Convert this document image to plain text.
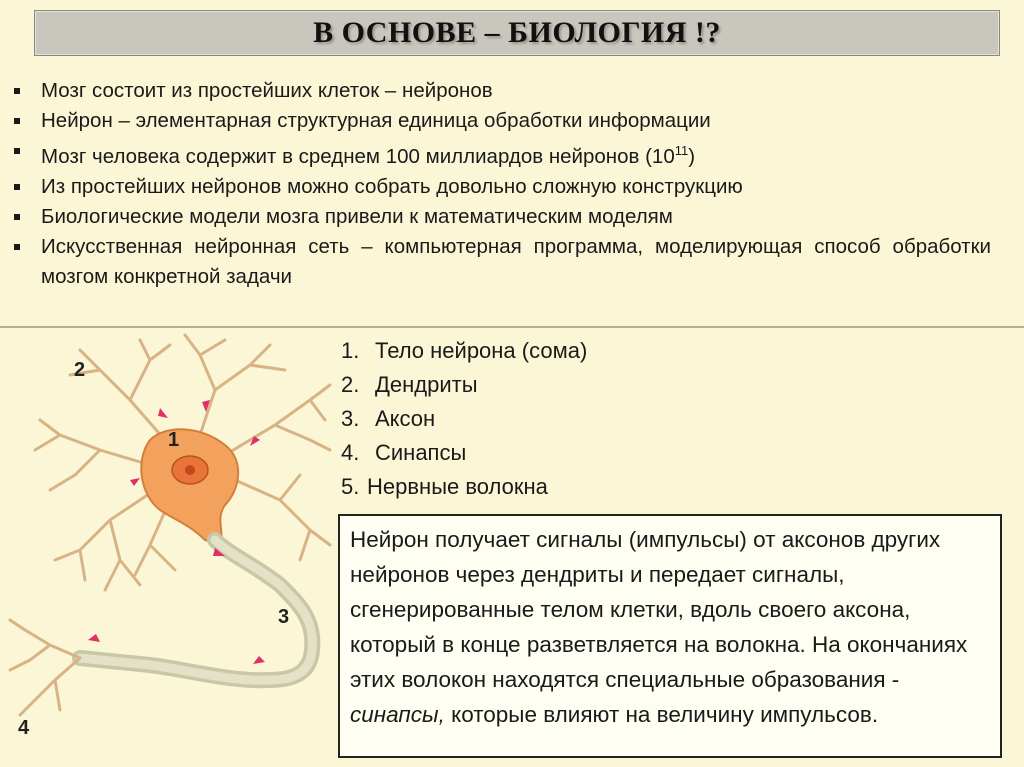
В ОСНОВЕ – БИОЛОГИЯ !?
Мозг состоит из простейших клеток – нейронов
Нейрон – элементарная структурная единица обработки информации
Мозг человека содержит в среднем 100 миллиардов нейронов $(10^{11})$
Из простейших нейронов можно собрать довольно сложную конструкцию
Биологические модели мозга привели к математическим моделям
Искусственная нейронная сеть – компьютерная программа, моделирующая способ обработки мозгом конкретной задачи
2
1
3
4
1. Тело нейрона (сома)
2. Дендриты
3. Аксон
4. Синапсы
5. Нервные волокна
Нейрон получает сигналы (импульсы) от аксонов других нейронов через дендриты и передает сигналы, сгенерированные телом клетки, вдоль своего аксона, который в конце разветвляется на волокна. На окончаниях этих волокон находятся специальные образования - синапсы, которые влияют на величину импульсов.
